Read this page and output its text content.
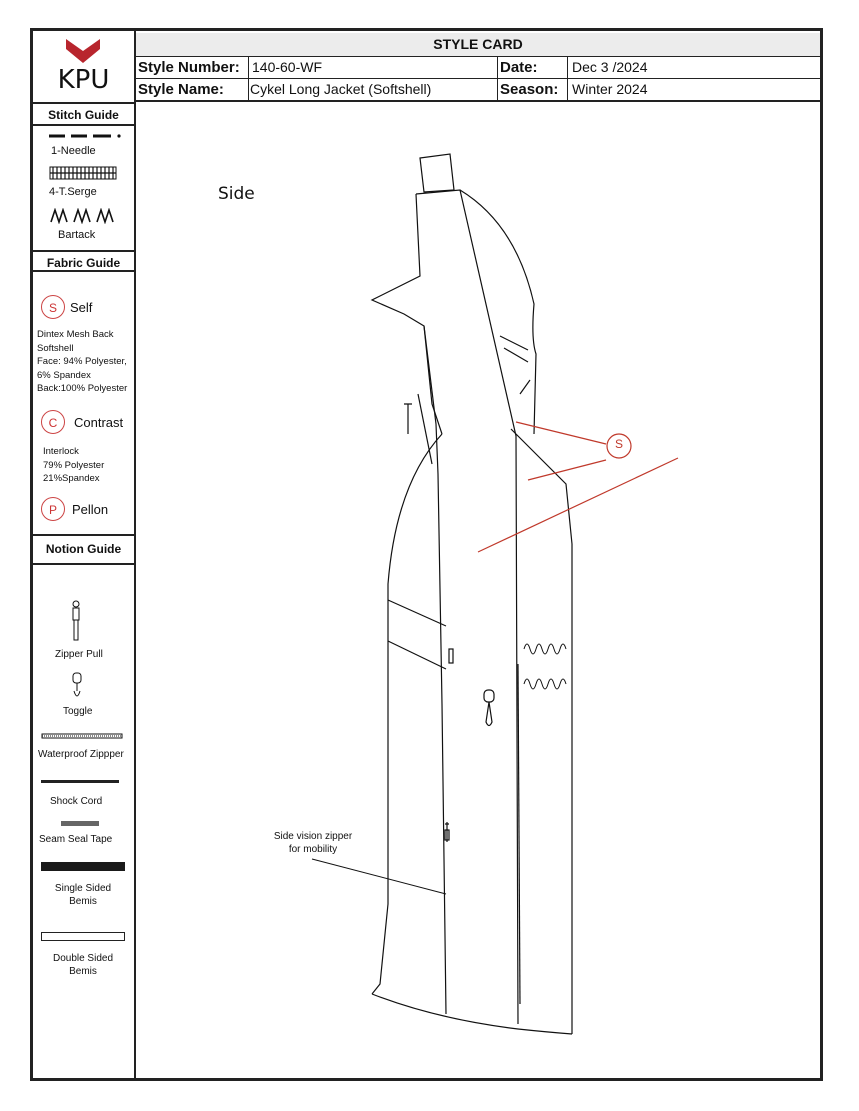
KPU
STYLE CARD
Style Number: 140-60-WF	Date: Dec 3 /2024
Style Name: Cykel Long Jacket (Softshell)	Season: Winter 2024
Stitch Guide
1-Needle
4-T.Serge
Bartack
Fabric Guide
S	Self
Dintex Mesh Back
Softshell
Face: 94% Polyester,
6% Spandex
Back:100% Polyester
C	Contrast
Interlock
79% Polyester
21%Spandex
P	Pellon
Notion Guide
Zipper Pull
Toggle
Waterproof Zippper
Shock Cord
Seam Seal Tape
Single Sided
Bemis
Double Sided
Bemis
Side
S
Side vision zipper
for mobility
